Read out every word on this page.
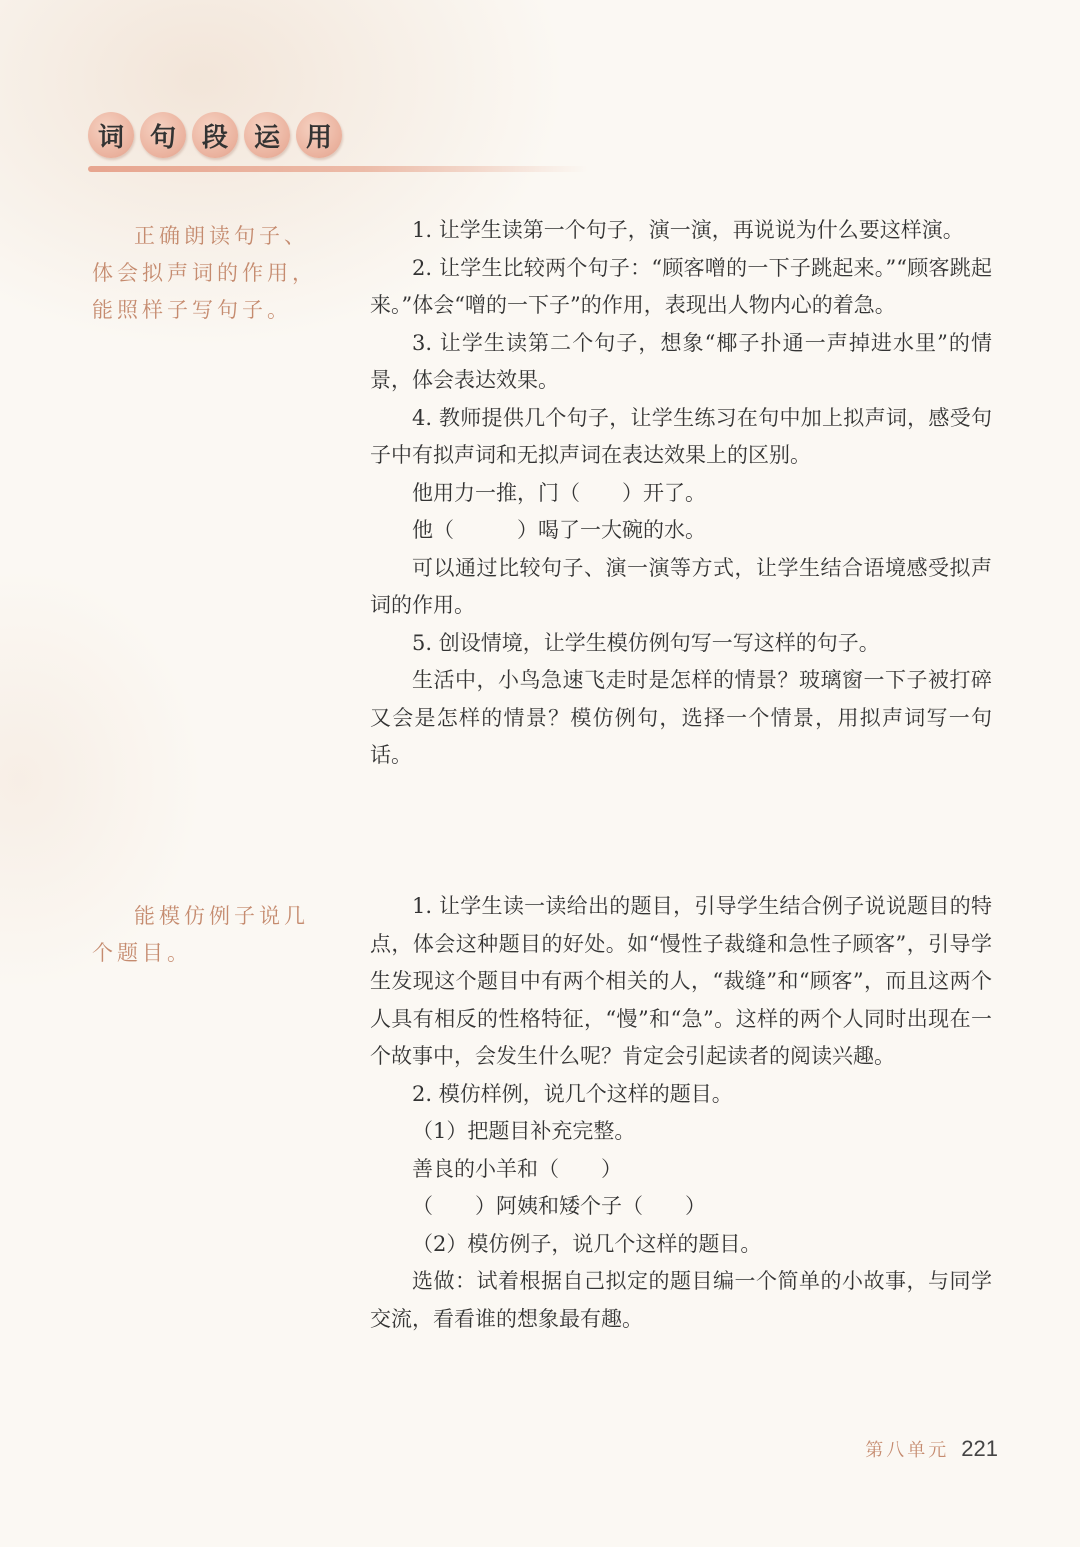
词 句 段 运 用

正确朗读句子、体会拟声词的作用，能照样子写句子。

1. 让学生读第一个句子，演一演，再说说为什么要这样演。

2. 让学生比较两个句子：“顾客噌的一下子跳起来。”“顾客跳起来。”体会“噌的一下子”的作用，表现出人物内心的着急。

3. 让学生读第二个句子，想象“椰子扑通一声掉进水里”的情景，体会表达效果。

4. 教师提供几个句子，让学生练习在句中加上拟声词，感受句子中有拟声词和无拟声词在表达效果上的区别。

他用力一推，门（　　）开了。

他（　　　）喝了一大碗的水。

可以通过比较句子、演一演等方式，让学生结合语境感受拟声词的作用。

5. 创设情境，让学生模仿例句写一写这样的句子。

生活中，小鸟急速飞走时是怎样的情景？玻璃窗一下子被打碎又会是怎样的情景？模仿例句，选择一个情景，用拟声词写一句话。

能模仿例子说几个题目。

1. 让学生读一读给出的题目，引导学生结合例子说说题目的特点，体会这种题目的好处。如“慢性子裁缝和急性子顾客”，引导学生发现这个题目中有两个相关的人，“裁缝”和“顾客”，而且这两个人具有相反的性格特征，“慢”和“急”。这样的两个人同时出现在一个故事中，会发生什么呢？肯定会引起读者的阅读兴趣。

2. 模仿样例，说几个这样的题目。

（1）把题目补充完整。

善良的小羊和（　　）

（　　）阿姨和矮个子（　　）

（2）模仿例子，说几个这样的题目。

选做：试着根据自己拟定的题目编一个简单的小故事，与同学交流，看看谁的想象最有趣。

第八单元 221
